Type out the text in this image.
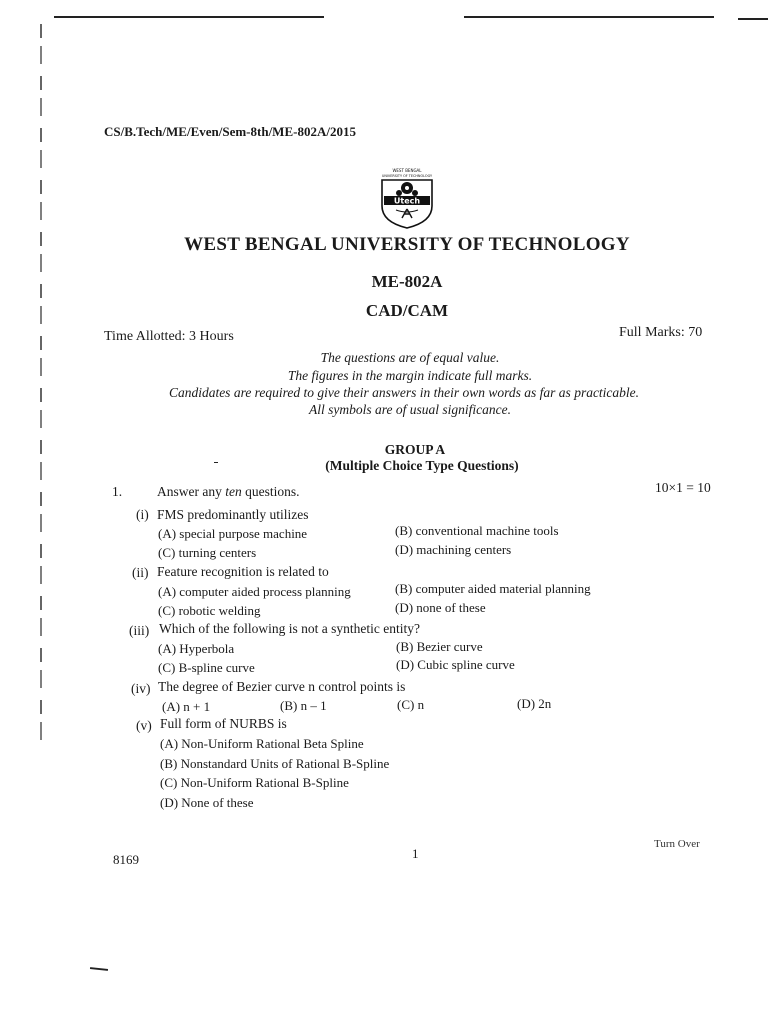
CS/B.Tech/ME/Even/Sem-8th/ME-802A/2015
WEST BENGAL
UNIVERSITY OF TECHNOLOGY
Utech
WEST BENGAL UNIVERSITY OF TECHNOLOGY
ME-802A
CAD/CAM
Time Allotted: 3 Hours	Full Marks: 70
The questions are of equal value.
The figures in the margin indicate full marks.
Candidates are required to give their answers in their own words as far as practicable.
All symbols are of usual significance.
GROUP A
(Multiple Choice Type Questions)
1.	Answer any ten questions.	10×1 = 10
(i) FMS predominantly utilizes
(A) special purpose machine	(B) conventional machine tools
(C) turning centers	(D) machining centers
(ii) Feature recognition is related to
(A) computer aided process planning	(B) computer aided material planning
(C) robotic welding	(D) none of these
(iii) Which of the following is not a synthetic entity?
(A) Hyperbola	(B) Bezier curve
(C) B-spline curve	(D) Cubic spline curve
(iv) The degree of Bezier curve n control points is
(A) n + 1	(B) n – 1	(C) n	(D) 2n
(v) Full form of NURBS is
(A) Non-Uniform Rational Beta Spline
(B) Nonstandard Units of Rational B-Spline
(C) Non-Uniform Rational B-Spline
(D) None of these
8169	1
Turn Over
